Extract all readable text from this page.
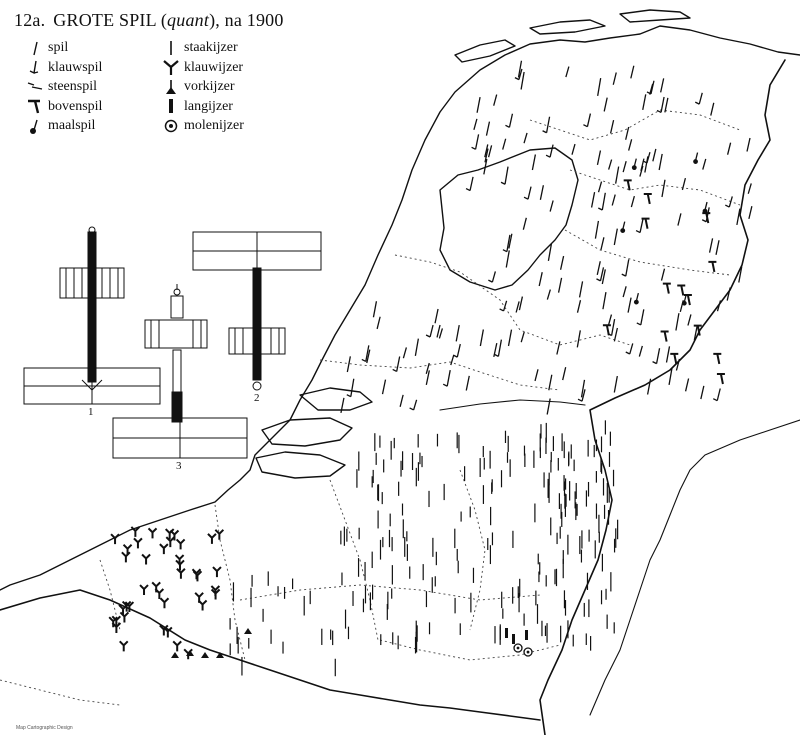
12a. GROTE SPIL (quant), na 1900
spil
klauwspil
steenspil
bovenspil
maalspil
staakijzer
klauwijzer
vorkijzer
langijzer
molenijzer
1
2
3
Map Cartographic Design
